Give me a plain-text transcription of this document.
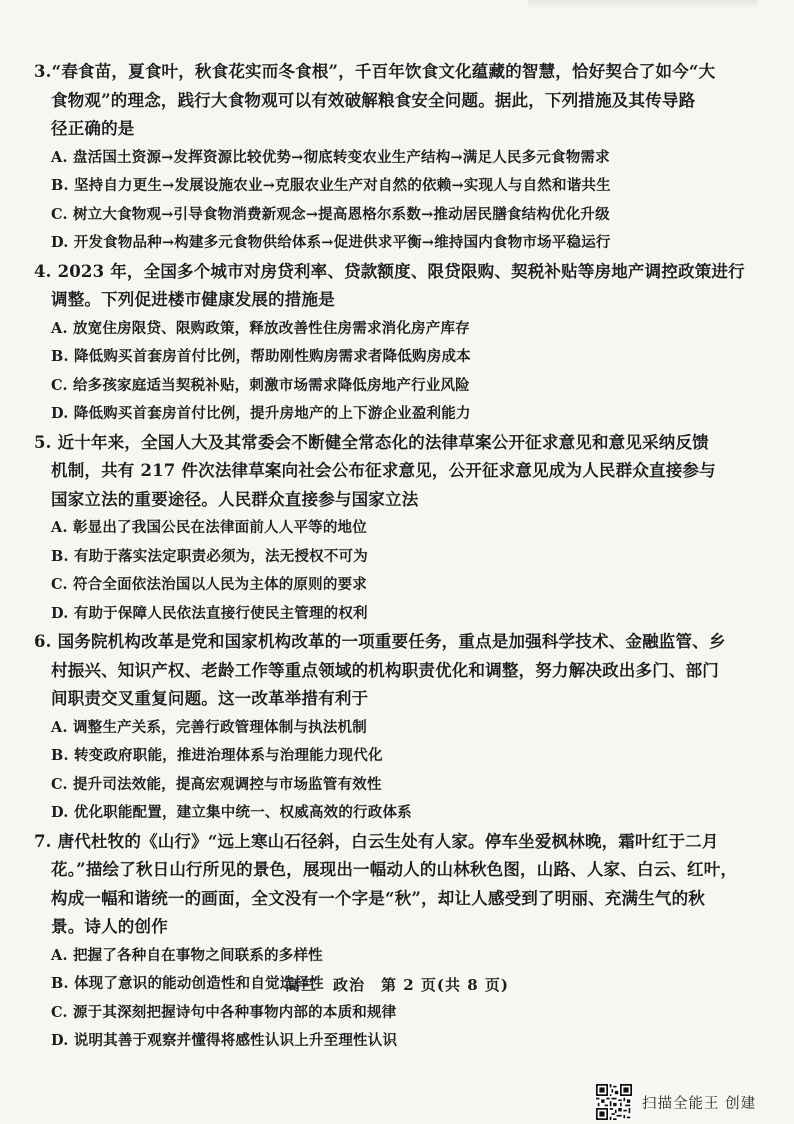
3.“春食苗，夏食叶，秋食花实而冬食根”，千百年饮食文化蕴藏的智慧，恰好契合了如今“大
食物观”的理念，践行大食物观可以有效破解粮食安全问题。据此，下列措施及其传导路
径正确的是

A. 盘活国土资源→发挥资源比较优势→彻底转变农业生产结构→满足人民多元食物需求
B. 坚持自力更生→发展设施农业→克服农业生产对自然的依赖→实现人与自然和谐共生
C. 树立大食物观→引导食物消费新观念→提高恩格尔系数→推动居民膳食结构优化升级
D. 开发食物品种→构建多元食物供给体系→促进供求平衡→维持国内食物市场平稳运行

4. 2023 年，全国多个城市对房贷利率、贷款额度、限贷限购、契税补贴等房地产调控政策进行
调整。下列促进楼市健康发展的措施是

A. 放宽住房限贷、限购政策，释放改善性住房需求消化房产库存
B. 降低购买首套房首付比例，帮助刚性购房需求者降低购房成本
C. 给多孩家庭适当契税补贴，刺激市场需求降低房地产行业风险
D. 降低购买首套房首付比例，提升房地产的上下游企业盈利能力

5. 近十年来，全国人大及其常委会不断健全常态化的法律草案公开征求意见和意见采纳反馈
机制，共有 217 件次法律草案向社会公布征求意见，公开征求意见成为人民群众直接参与
国家立法的重要途径。人民群众直接参与国家立法

A. 彰显出了我国公民在法律面前人人平等的地位
B. 有助于落实法定职责必须为，法无授权不可为
C. 符合全面依法治国以人民为主体的原则的要求
D. 有助于保障人民依法直接行使民主管理的权利

6. 国务院机构改革是党和国家机构改革的一项重要任务，重点是加强科学技术、金融监管、乡
村振兴、知识产权、老龄工作等重点领域的机构职责优化和调整，努力解决政出多门、部门
间职责交叉重复问题。这一改革举措有利于

A. 调整生产关系，完善行政管理体制与执法机制
B. 转变政府职能，推进治理体系与治理能力现代化
C. 提升司法效能，提高宏观调控与市场监管有效性
D. 优化职能配置，建立集中统一、权威高效的行政体系

7. 唐代杜牧的《山行》“远上寒山石径斜，白云生处有人家。停车坐爱枫林晚，霜叶红于二月
花。”描绘了秋日山行所见的景色，展现出一幅动人的山林秋色图，山路、人家、白云、红叶，
构成一幅和谐统一的画面，全文没有一个字是“秋”，却让人感受到了明丽、充满生气的秋
景。诗人的创作

A. 把握了各种自在事物之间联系的多样性
B. 体现了意识的能动创造性和自觉选择性
C. 源于其深刻把握诗句中各种事物内部的本质和规律
D. 说明其善于观察并懂得将感性认识上升至理性认识
高三　政治　第 2 页(共 8 页)
扫描全能王 创建
